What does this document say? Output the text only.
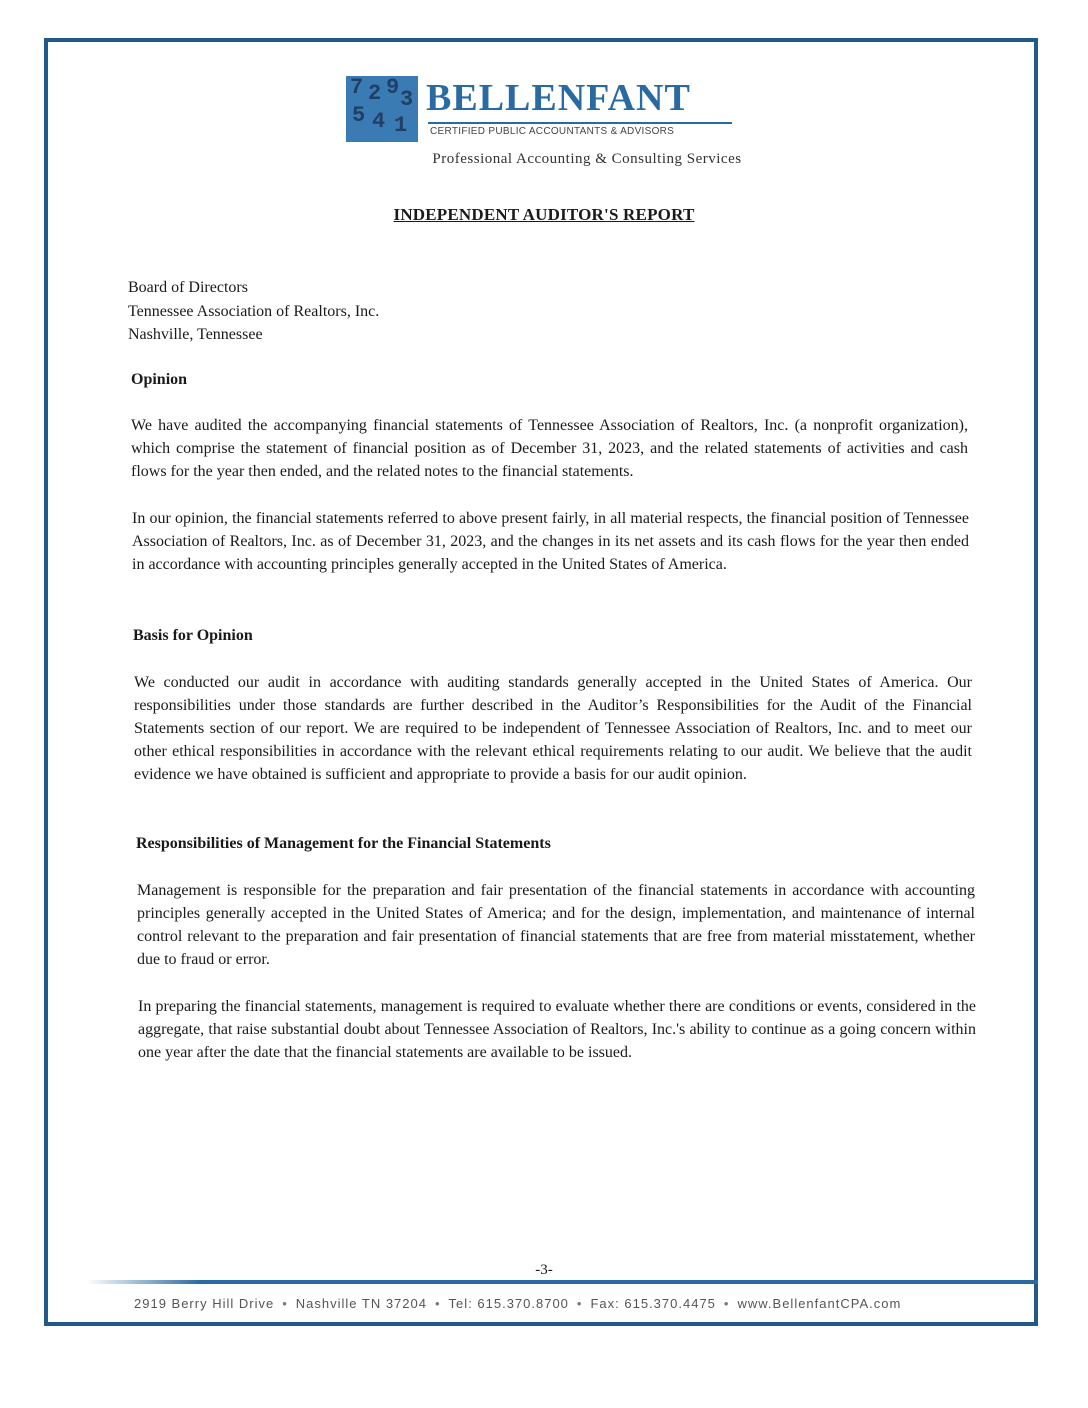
7 2 9 3
5 4 1
BELLENFANT
CERTIFIED PUBLIC ACCOUNTANTS & ADVISORS
Professional Accounting & Consulting Services
INDEPENDENT AUDITOR'S REPORT
Board of Directors
Tennessee Association of Realtors, Inc.
Nashville, Tennessee
Opinion
We have audited the accompanying financial statements of Tennessee Association of Realtors, Inc. (a nonprofit organization), which comprise the statement of financial position as of December 31, 2023, and the related statements of activities and cash flows for the year then ended, and the related notes to the financial statements.
In our opinion, the financial statements referred to above present fairly, in all material respects, the financial position of Tennessee Association of Realtors, Inc. as of December 31, 2023, and the changes in its net assets and its cash flows for the year then ended in accordance with accounting principles generally accepted in the United States of America.
Basis for Opinion
We conducted our audit in accordance with auditing standards generally accepted in the United States of America. Our responsibilities under those standards are further described in the Auditor’s Responsibilities for the Audit of the Financial Statements section of our report. We are required to be independent of Tennessee Association of Realtors, Inc. and to meet our other ethical responsibilities in accordance with the relevant ethical requirements relating to our audit. We believe that the audit evidence we have obtained is sufficient and appropriate to provide a basis for our audit opinion.
Responsibilities of Management for the Financial Statements
Management is responsible for the preparation and fair presentation of the financial statements in accordance with accounting principles generally accepted in the United States of America; and for the design, implementation, and maintenance of internal control relevant to the preparation and fair presentation of financial statements that are free from material misstatement, whether due to fraud or error.
In preparing the financial statements, management is required to evaluate whether there are conditions or events, considered in the aggregate, that raise substantial doubt about Tennessee Association of Realtors, Inc.'s ability to continue as a going concern within one year after the date that the financial statements are available to be issued.
-3-
2919 Berry Hill Drive • Nashville TN 37204 • Tel: 615.370.8700 • Fax: 615.370.4475 • www.BellenfantCPA.com
